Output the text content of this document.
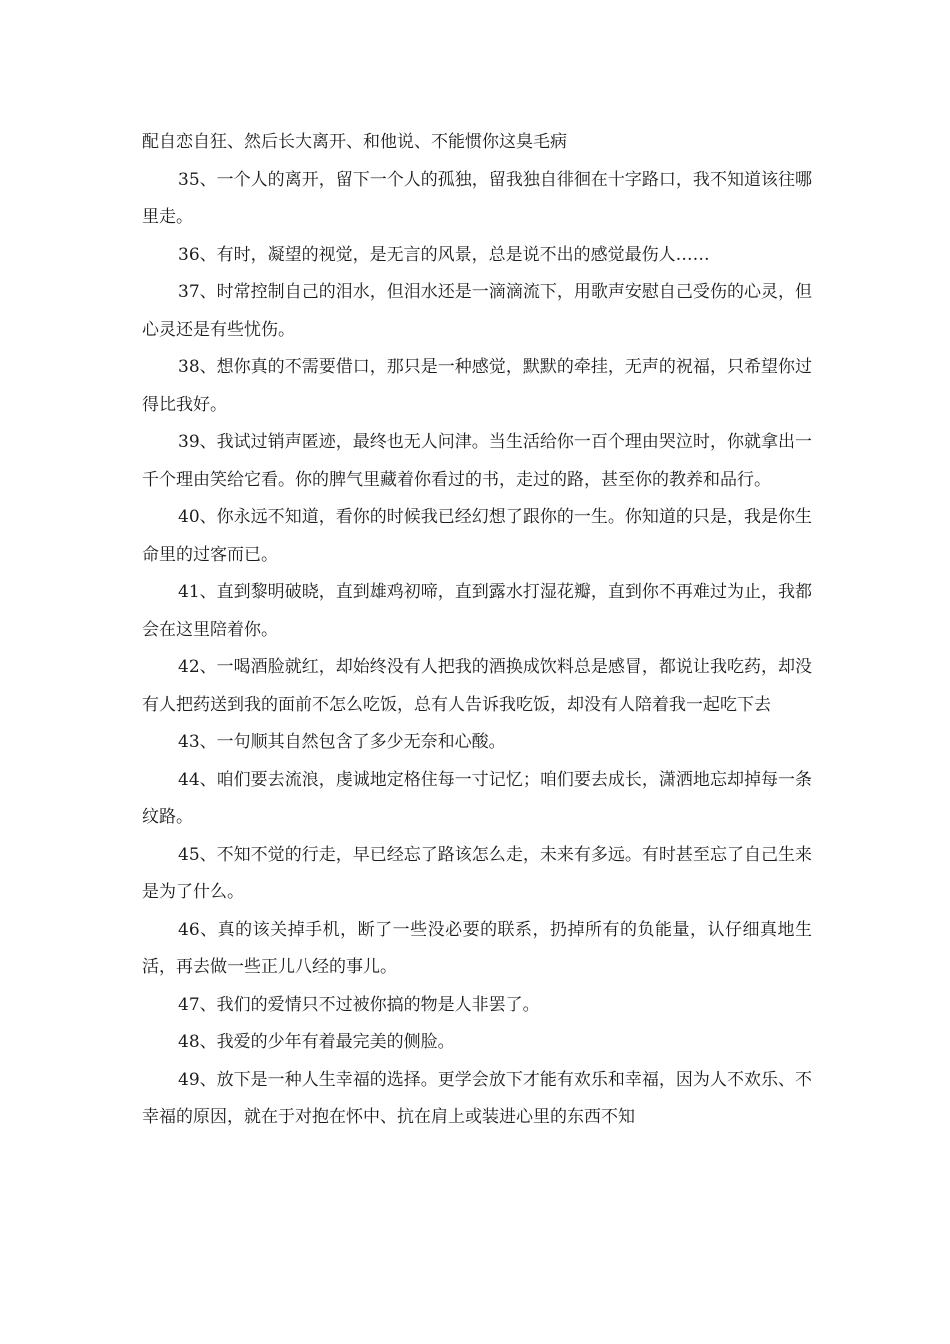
配自恋自狂、然后长大离开、和他说、不能惯你这臭毛病

35、一个人的离开，留下一个人的孤独，留我独自徘徊在十字路口，我不知道该往哪里走。

36、有时，凝望的视觉，是无言的风景，总是说不出的感觉最伤人……

37、时常控制自己的泪水，但泪水还是一滴滴流下，用歌声安慰自己受伤的心灵，但心灵还是有些忧伤。

38、想你真的不需要借口，那只是一种感觉，默默的牵挂，无声的祝福，只希望你过得比我好。

39、我试过销声匿迹，最终也无人问津。当生活给你一百个理由哭泣时，你就拿出一千个理由笑给它看。你的脾气里藏着你看过的书，走过的路，甚至你的教养和品行。

40、你永远不知道，看你的时候我已经幻想了跟你的一生。你知道的只是，我是你生命里的过客而已。

41、直到黎明破晓，直到雄鸡初啼，直到露水打湿花瓣，直到你不再难过为止，我都会在这里陪着你。

42、一喝酒脸就红，却始终没有人把我的酒换成饮料总是感冒，都说让我吃药，却没有人把药送到我的面前不怎么吃饭，总有人告诉我吃饭，却没有人陪着我一起吃下去

43、一句顺其自然包含了多少无奈和心酸。

44、咱们要去流浪，虔诚地定格住每一寸记忆；咱们要去成长，潇洒地忘却掉每一条纹路。

45、不知不觉的行走，早已经忘了路该怎么走，未来有多远。有时甚至忘了自己生来是为了什么。

46、真的该关掉手机，断了一些没必要的联系，扔掉所有的负能量，认仔细真地生活，再去做一些正儿八经的事儿。

47、我们的爱情只不过被你搞的物是人非罢了。

48、我爱的少年有着最完美的侧脸。

49、放下是一种人生幸福的选择。更学会放下才能有欢乐和幸福，因为人不欢乐、不幸福的原因，就在于对抱在怀中、抗在肩上或装进心里的东西不知
